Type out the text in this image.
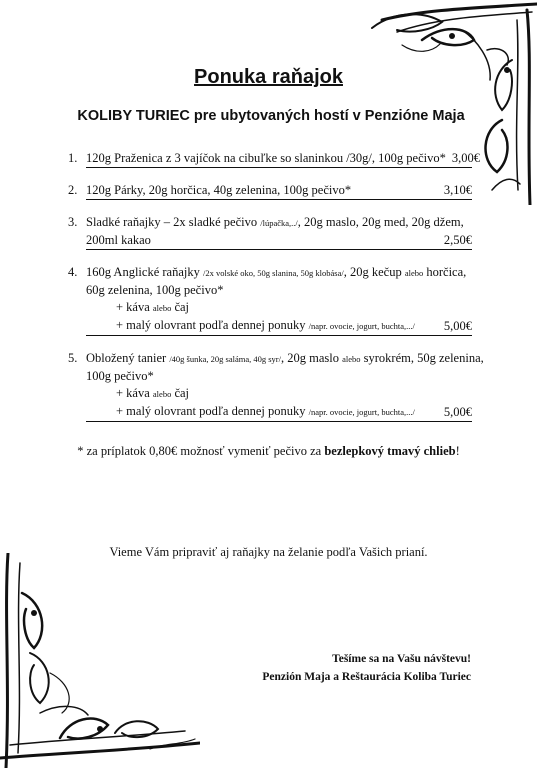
Ponuka raňajok
KOLIBY TURIEC pre ubytovaných hostí v Penzióne Maja
1. 120g Praženica z 3 vajíčok na cibuľke so slaninkou /30g/, 100g pečivo* 3,00€
2. 120g Párky, 20g horčica, 40g zelenina, 100g pečivo*	3,10€
3. Sladké raňajky – 2x sladké pečivo /lúpačka,../, 20g maslo, 20g med, 20g džem,
200ml kakao	2,50€
4. 160g Anglické raňajky /2x volské oko, 50g slanina, 50g klobása/, 20g kečup alebo horčica,
60g zelenina, 100g pečivo*
+ káva alebo čaj
+ malý olovrant podľa dennej ponuky /napr. ovocie, jogurt, buchta,.../	5,00€
5. Obložený tanier /40g šunka, 20g saláma, 40g syr/, 20g maslo alebo syrokrém, 50g zelenina,
100g pečivo*
+ káva alebo čaj
+ malý olovrant podľa dennej ponuky /napr. ovocie, jogurt, buchta,.../	5,00€
* za príplatok 0,80€ možnosť vymeniť pečivo za bezlepkový tmavý chlieb!
Vieme Vám pripraviť aj raňajky na želanie podľa Vašich prianí.
Tešíme sa na Vašu návštevu!
Penzión Maja a Reštaurácia Koliba Turiec
